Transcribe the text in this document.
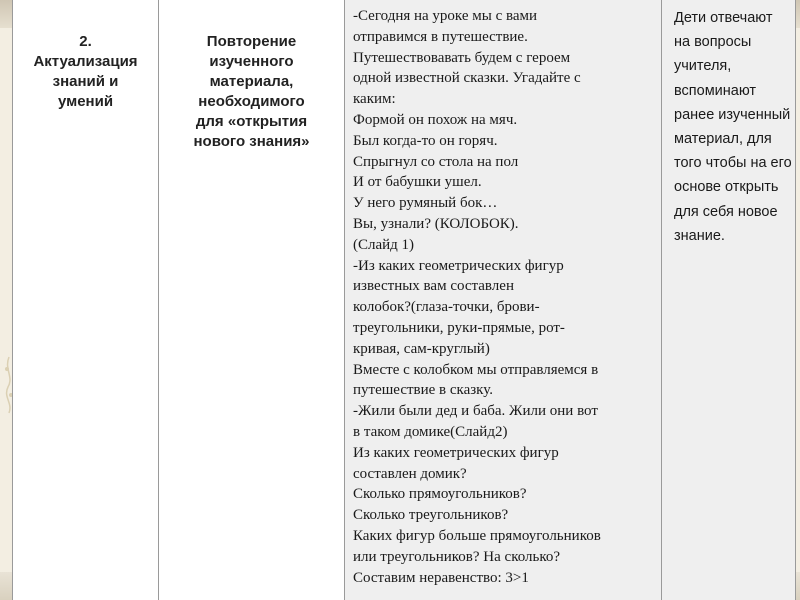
2.
Актуализация
знаний и
умений
Повторение
изученного
материала,
необходимого
для «открытия
нового знания»
-Сегодня на уроке мы с вами
отправимся в путешествие.
Путешествовавать будем с героем
одной известной сказки. Угадайте с
каким:
Формой он похож на мяч.
Был когда-то он горяч.
Спрыгнул со стола на пол
И от бабушки ушел.
У него румяный бок…
Вы, узнали? (КОЛОБОК).
(Слайд 1)
-Из каких геометрических фигур
известных вам составлен
колобок?(глаза-точки, брови-
треугольники, руки-прямые, рот-
кривая, сам-круглый)
Вместе с колобком мы отправляемся в
путешествие в сказку.
-Жили были дед и баба. Жили они вот
в таком домике(Слайд2)
Из каких геометрических фигур
составлен домик?
Сколько прямоугольников?
Сколько треугольников?
Каких фигур больше прямоугольников
или треугольников? На сколько?
Составим неравенство: 3>1
Дети отвечают
на вопросы
учителя,
вспоминают
ранее изученный
материал, для
того чтобы на его
основе открыть
для себя новое
знание.
